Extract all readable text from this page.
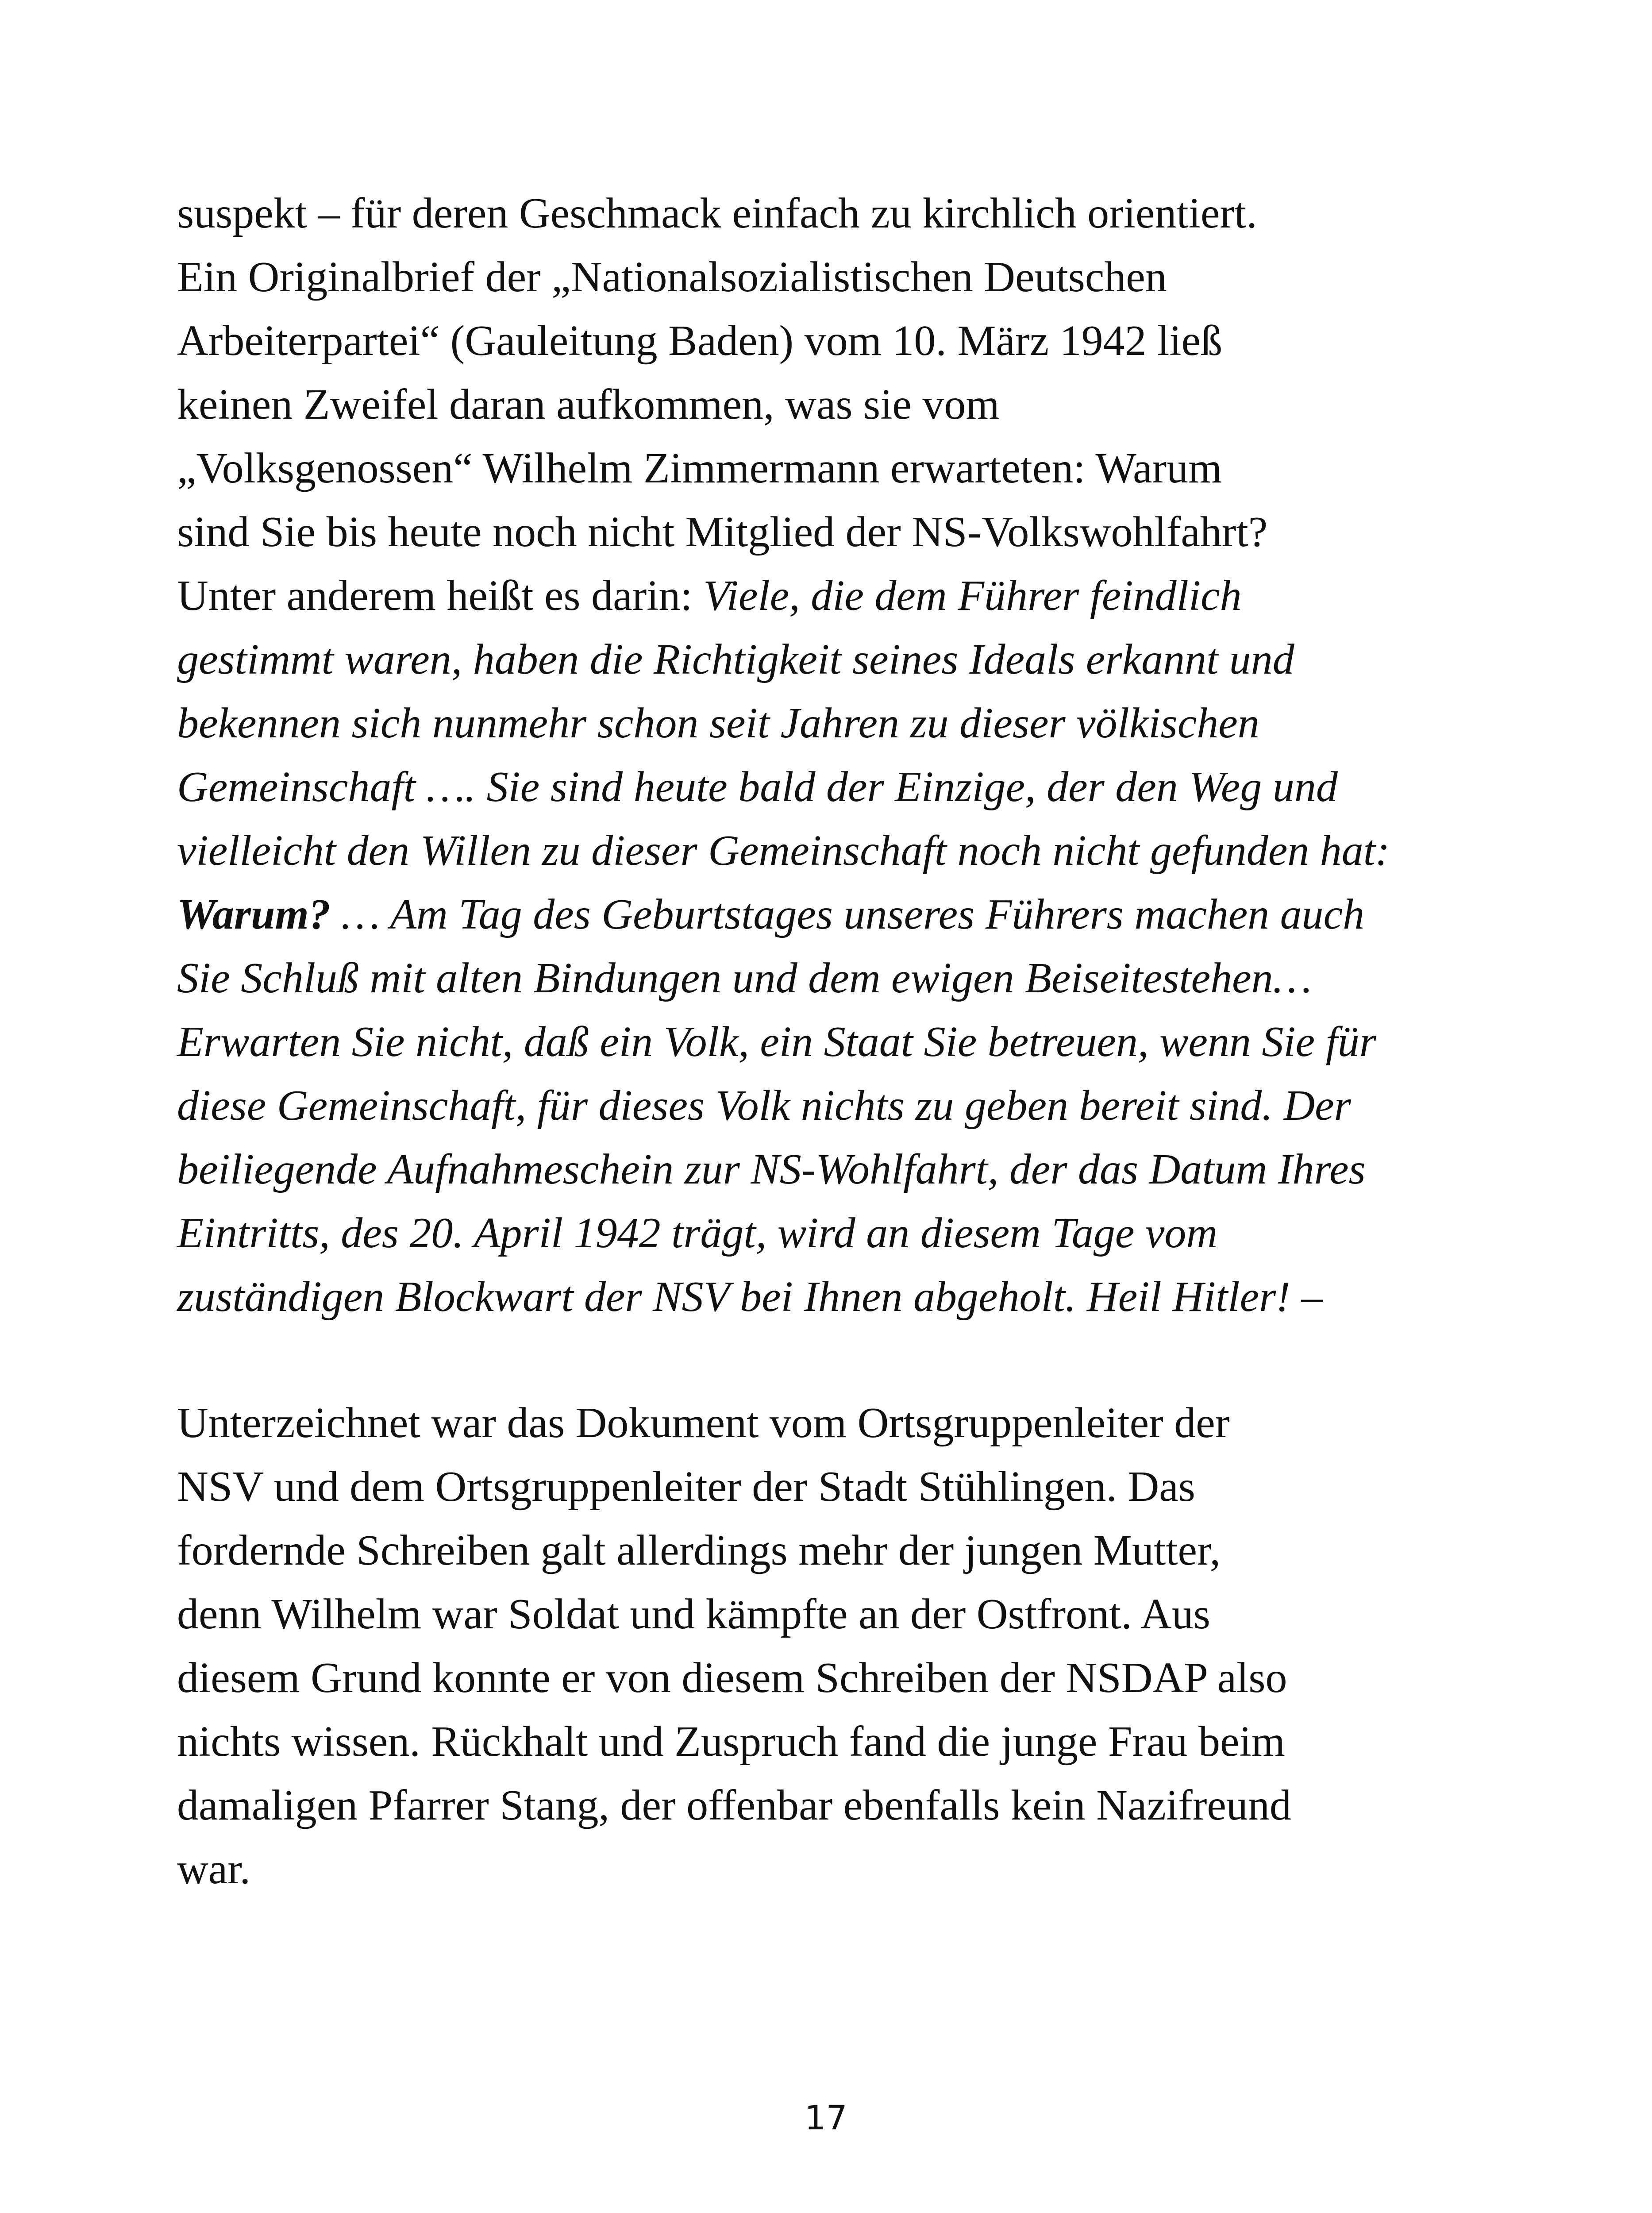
suspekt – für deren Geschmack einfach zu kirchlich orientiert.
Ein Originalbrief der „Nationalsozialistischen Deutschen
Arbeiterpartei“ (Gauleitung Baden) vom 10. März 1942 ließ
keinen Zweifel daran aufkommen, was sie vom
„Volksgenossen“ Wilhelm Zimmermann erwarteten: Warum
sind Sie bis heute noch nicht Mitglied der NS-Volkswohlfahrt?
Unter anderem heißt es darin: Viele, die dem Führer feindlich
gestimmt waren, haben die Richtigkeit seines Ideals erkannt und
bekennen sich nunmehr schon seit Jahren zu dieser völkischen
Gemeinschaft …. Sie sind heute bald der Einzige, der den Weg und
vielleicht den Willen zu dieser Gemeinschaft noch nicht gefunden hat:
Warum? … Am Tag des Geburtstages unseres Führers machen auch
Sie Schluß mit alten Bindungen und dem ewigen Beiseitestehen…
Erwarten Sie nicht, daß ein Volk, ein Staat Sie betreuen, wenn Sie für
diese Gemeinschaft, für dieses Volk nichts zu geben bereit sind. Der
beiliegende Aufnahmeschein zur NS-Wohlfahrt, der das Datum Ihres
Eintritts, des 20. April 1942 trägt, wird an diesem Tage vom
zuständigen Blockwart der NSV bei Ihnen abgeholt. Heil Hitler! –

Unterzeichnet war das Dokument vom Ortsgruppenleiter der
NSV und dem Ortsgruppenleiter der Stadt Stühlingen. Das
fordernde Schreiben galt allerdings mehr der jungen Mutter,
denn Wilhelm war Soldat und kämpfte an der Ostfront. Aus
diesem Grund konnte er von diesem Schreiben der NSDAP also
nichts wissen. Rückhalt und Zuspruch fand die junge Frau beim
damaligen Pfarrer Stang, der offenbar ebenfalls kein Nazifreund
war.

17
